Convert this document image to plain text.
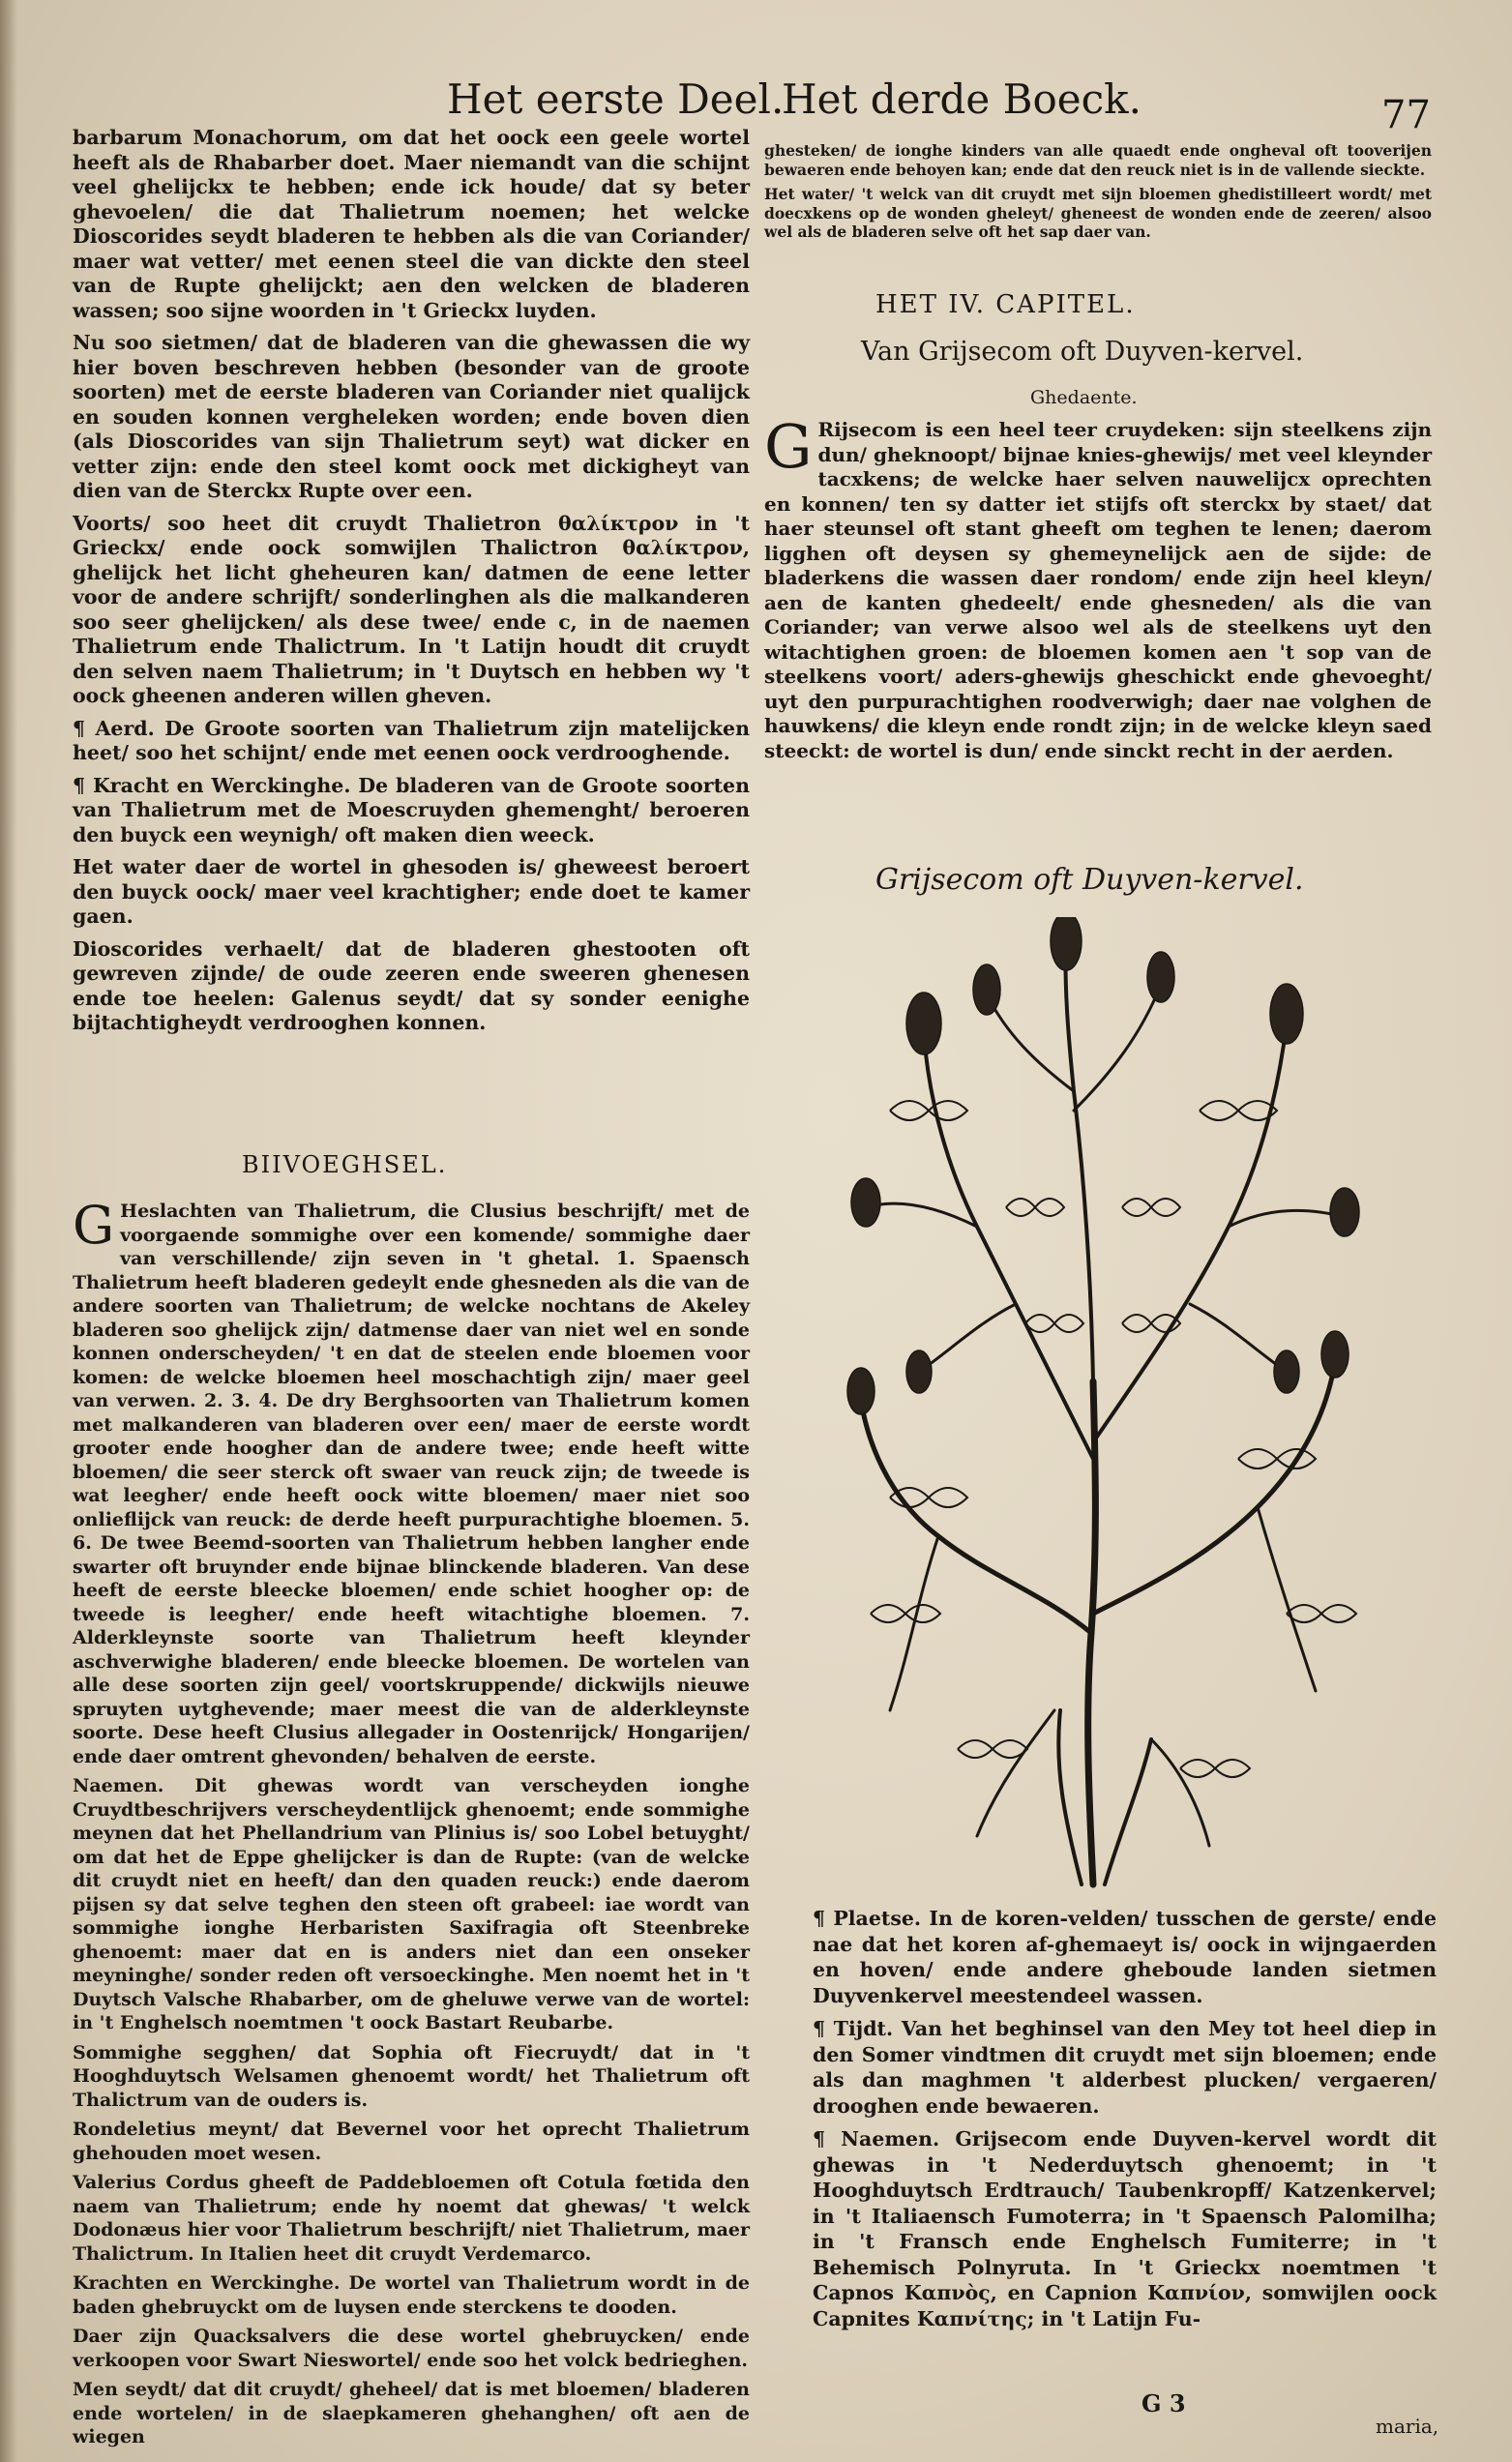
Het eerste Deel.
Het derde Boeck.	77

barbarum Monachorum, om dat het oock een geele wortel heeft als de Rhabarber doet. Maer niemandt van die schijnt veel ghelijckx te hebben; ende ick houde/ dat sy beter ghevoelen/ die dat Thalietrum noemen; het welcke Dioscorides seydt bladeren te hebben als die van Coriander/ maer wat vetter/ met eenen steel die van dickte den steel van de Rupte ghelijckt; aen den welcken de bladeren wassen; soo sijne woorden in 't Grieckx luyden.

Nu soo sietmen/ dat de bladeren van die ghewassen die wy hier boven beschreven hebben (besonder van de groote soorten) met de eerste bladeren van Coriander niet qualijck en souden konnen vergheleken worden; ende boven dien (als Dioscorides van sijn Thalietrum seyt) wat dicker en vetter zijn: ende den steel komt oock met dickigheyt van dien van de Sterckx Rupte over een.

Voorts/ soo heet dit cruydt Thalietron θαλίκτρον in 't Grieckx/ ende oock somwijlen Thalictron θαλίκτρον, ghelijck het licht gheheuren kan/ datmen de eene letter voor de andere schrijft/ sonderlinghen als die malkanderen soo seer ghelijcken/ als dese twee/ ende c, in de naemen Thalietrum ende Thalictrum. In 't Latijn houdt dit cruydt den selven naem Thalietrum; in 't Duytsch en hebben wy 't oock gheenen anderen willen gheven.

¶ Aerd. De Groote soorten van Thalietrum zijn matelijcken heet/ soo het schijnt/ ende met eenen oock verdrooghende.

¶ Kracht en Werckinghe. De bladeren van de Groote soorten van Thalietrum met de Moescruyden ghemenght/ beroeren den buyck een weynigh/ oft maken dien weeck.

Het water daer de wortel in ghesoden is/ gheweest beroert den buyck oock/ maer veel krachtigher; ende doet te kamer gaen.

Dioscorides verhaelt/ dat de bladeren ghestooten oft gewreven zijnde/ de oude zeeren ende sweeren ghenesen ende toe heelen: Galenus seydt/ dat sy sonder eenighe bijtachtigheydt verdrooghen konnen.

BIIVOEGHSEL.

G Heslachten van Thalietrum, die Clusius beschrijft/ met de voorgaende sommighe over een komende/ sommighe daer van verschillende/ zijn seven in 't ghetal. 1. Spaensch Thalietrum heeft bladeren gedeylt ende ghesneden als die van de andere soorten van Thalietrum; de welcke nochtans de Akeley bladeren soo ghelijck zijn/ datmense daer van niet wel en sonde konnen onderscheyden/ 't en dat de steelen ende bloemen voor komen: de welcke bloemen heel moschachtigh zijn/ maer geel van verwen. 2. 3. 4. De dry Berghsoorten van Thalietrum komen met malkanderen van bladeren over een/ maer de eerste wordt grooter ende hoogher dan de andere twee; ende heeft witte bloemen/ die seer sterck oft swaer van reuck zijn; de tweede is wat leegher/ ende heeft oock witte bloemen/ maer niet soo onlieflijck van reuck: de derde heeft purpurachtighe bloemen. 5. 6. De twee Beemd-soorten van Thalietrum hebben langher ende swarter oft bruynder ende bijnae blinckende bladeren. Van dese heeft de eerste bleecke bloemen/ ende schiet hoogher op: de tweede is leegher/ ende heeft witachtighe bloemen. 7. Alderkleynste soorte van Thalietrum heeft kleynder aschverwighe bladeren/ ende bleecke bloemen. De wortelen van alle dese soorten zijn geel/ voortskruppende/ dickwijls nieuwe spruyten uytghevende; maer meest die van de alderkleynste soorte. Dese heeft Clusius allegader in Oostenrijck/ Hongarijen/ ende daer omtrent ghevonden/ behalven de eerste.

Naemen. Dit ghewas wordt van verscheyden ionghe Cruydtbeschrijvers verscheydentlijck ghenoemt; ende sommighe meynen dat het Phellandrium van Plinius is/ soo Lobel betuyght/ om dat het de Eppe ghelijcker is dan de Rupte: (van de welcke dit cruydt niet en heeft/ dan den quaden reuck:) ende daerom pijsen sy dat selve teghen den steen oft grabeel: iae wordt van sommighe ionghe Herbaristen Saxifragia oft Steenbreke ghenoemt: maer dat en is anders niet dan een onseker meyninghe/ sonder reden oft versoeckinghe. Men noemt het in 't Duytsch Valsche Rhabarber, om de gheluwe verwe van de wortel: in 't Enghelsch noemtmen 't oock Bastart Reubarbe.

Sommighe segghen/ dat Sophia oft Fiecruydt/ dat in 't Hooghduytsch Welsamen ghenoemt wordt/ het Thalietrum oft Thalictrum van de ouders is.

Rondeletius meynt/ dat Bevernel voor het oprecht Thalietrum ghehouden moet wesen.

Valerius Cordus gheeft de Paddebloemen oft Cotula fœtida den naem van Thalietrum; ende hy noemt dat ghewas/ 't welck Dodonæus hier voor Thalietrum beschrijft/ niet Thalietrum, maer Thalictrum. In Italien heet dit cruydt Verdemarco.

Krachten en Werckinghe. De wortel van Thalietrum wordt in de baden ghebruyckt om de luysen ende sterckens te dooden.

Daer zijn Quacksalvers die dese wortel ghebruycken/ ende verkoopen voor Swart Nieswortel/ ende soo het volck bedrieghen.

Men seydt/ dat dit cruydt/ gheheel/ dat is met bloemen/ bladeren ende wortelen/ in de slaepkameren ghehanghen/ oft aen de wiegen

ghesteken/ de ionghe kinders van alle quaedt ende ongheval oft tooverijen bewaeren ende behoyen kan; ende dat den reuck niet is in de vallende sieckte.

Het water/ 't welck van dit cruydt met sijn bloemen ghedistilleert wordt/ met doecxkens op de wonden gheleyt/ gheneest de wonden ende de zeeren/ alsoo wel als de bladeren selve oft het sap daer van.

HET IV. CAPITEL.
Van Grijsecom oft Duyven-kervel.
Ghedaente.

G Rijsecom is een heel teer cruydeken: sijn steelkens zijn dun/ gheknoopt/ bijnae knies-ghewijs/ met veel kleynder tacxkens; de welcke haer selven nauwelijcx oprechten en konnen/ ten sy datter iet stijfs oft sterckx by staet/ dat haer steunsel oft stant gheeft om teghen te lenen; daerom ligghen oft deysen sy ghemeynelijck aen de sijde: de bladerkens die wassen daer rondom/ ende zijn heel kleyn/ aen de kanten ghedeelt/ ende ghesneden/ als die van Coriander; van verwe alsoo wel als de steelkens uyt den witachtighen groen: de bloemen komen aen 't sop van de steelkens voort/ aders-ghewijs gheschickt ende ghevoeght/ uyt den purpurachtighen roodverwigh; daer nae volghen de hauwkens/ die kleyn ende rondt zijn; in de welcke kleyn saed steeckt: de wortel is dun/ ende sinckt recht in der aerden.

Grijsecom oft Duyven-kervel.

¶ Plaetse. In de koren-velden/ tusschen de gerste/ ende nae dat het koren af-ghemaeyt is/ oock in wijngaerden en hoven/ ende andere gheboude landen sietmen Duyvenkervel meestendeel wassen.

¶ Tijdt. Van het beghinsel van den Mey tot heel diep in den Somer vindtmen dit cruydt met sijn bloemen; ende als dan maghmen 't alderbest plucken/ vergaeren/ drooghen ende bewaeren.

¶ Naemen. Grijsecom ende Duyven-kervel wordt dit ghewas in 't Nederduytsch ghenoemt; in 't Hooghduytsch Erdtrauch/ Taubenkropff/ Katzenkervel; in 't Italiaensch Fumoterra; in 't Spaensch Palomilha; in 't Fransch ende Enghelsch Fumiterre; in 't Behemisch Polnyruta. In 't Grieckx noemtmen 't Capnos Καπνὸς, en Capnion Καπνίον, somwijlen oock Capnites Καπνίτης; in 't Latijn Fu-

G 3
maria,
